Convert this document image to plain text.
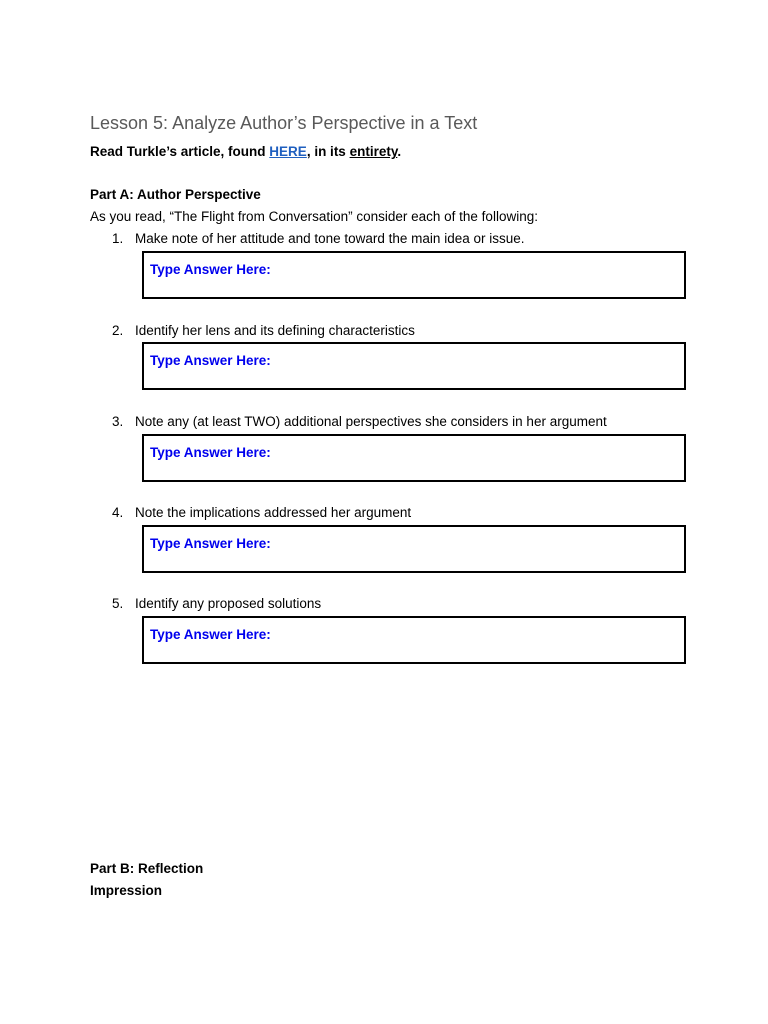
Lesson 5: Analyze Author’s Perspective in a Text
Read Turkle’s article, found HERE, in its entirety.
Part A: Author Perspective
As you read, “The Flight from Conversation” consider each of the following:
1. Make note of her attitude and tone toward the main idea or issue.
Type Answer Here:
2. Identify her lens and its defining characteristics
Type Answer Here:
3. Note any (at least TWO) additional perspectives she considers in her argument
Type Answer Here:
4. Note the implications addressed her argument
Type Answer Here:
5. Identify any proposed solutions
Type Answer Here:
Part B: Reflection
Impression
